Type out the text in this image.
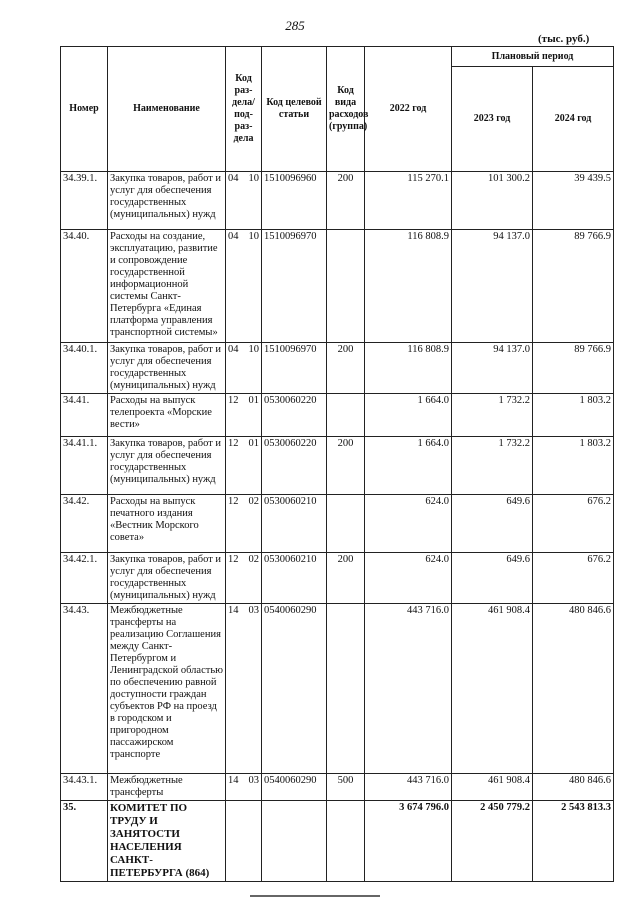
285
(тыс. руб.)
Номер	Наименование	Код раз-дела/ под-раз-дела	Код целевой статьи	Код вида расходов (группа)	2022 год	Плановый период	
						2023 год	2024 год
34.39.1.	Закупка товаров, работ и услуг для обеспечения государственных (муниципальных) нужд	04 10	1510096960	200	115 270.1	101 300.2	39 439.5
34.40.	Расходы на создание, эксплуатацию, развитие и сопровождение государственной информационной системы Санкт-Петербурга «Единая платформа управления транспортной системы»	04 10	1510096970		116 808.9	94 137.0	89 766.9
34.40.1.	Закупка товаров, работ и услуг для обеспечения государственных (муниципальных) нужд	04 10	1510096970	200	116 808.9	94 137.0	89 766.9
34.41.	Расходы на выпуск телепроекта «Морские вести»	12 01	0530060220		1 664.0	1 732.2	1 803.2
34.41.1.	Закупка товаров, работ и услуг для обеспечения государственных (муниципальных) нужд	12 01	0530060220	200	1 664.0	1 732.2	1 803.2
34.42.	Расходы на выпуск печатного издания «Вестник Морского совета»	12 02	0530060210		624.0	649.6	676.2
34.42.1.	Закупка товаров, работ и услуг для обеспечения государственных (муниципальных) нужд	12 02	0530060210	200	624.0	649.6	676.2
34.43.	Межбюджетные трансферты на реализацию Соглашения между Санкт-Петербургом и Ленинградской областью по обеспечению равной доступности граждан субъектов РФ на проезд в городском и пригородном пассажирском транспорте	14 03	0540060290		443 716.0	461 908.4	480 846.6
34.43.1.	Межбюджетные трансферты	14 03	0540060290	500	443 716.0	461 908.4	480 846.6
35.	КОМИТЕТ ПО ТРУДУ И ЗАНЯТОСТИ НАСЕЛЕНИЯ САНКТ-ПЕТЕРБУРГА (864)				3 674 796.0	2 450 779.2	2 543 813.3
